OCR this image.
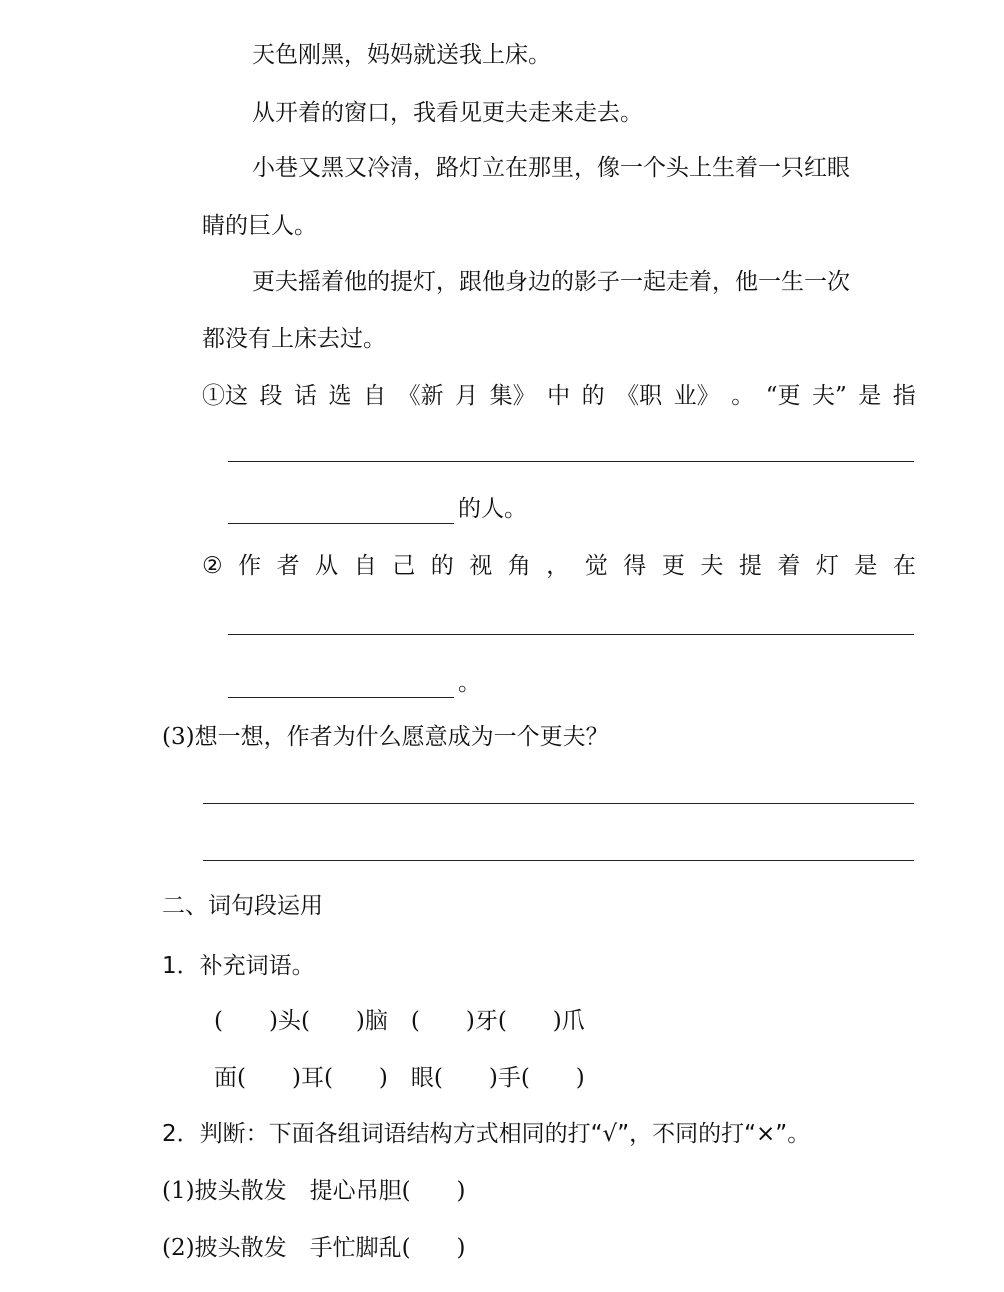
天色刚黑，妈妈就送我上床。
从开着的窗口，我看见更夫走来走去。
小巷又黑又冷清，路灯立在那里，像一个头上生着一只红眼
睛的巨人。
更夫摇着他的提灯，跟他身边的影子一起走着，他一生一次
都没有上床去过。
①这 段 话 选 自 《新 月 集》 中 的 《职 业》 。 “更 夫” 是 指
的人。
② 作 者 从 自 己 的 视 角 ， 觉 得 更 夫 提 着 灯 是 在
。
(3)想一想，作者为什么愿意成为一个更夫？
二、词句段运用
1．补充词语。
(　　)头(　　)脑　(　　)牙(　　)爪
面(　　)耳(　　)　眼(　　)手(　　)
2．判断：下面各组词语结构方式相同的打“√”，不同的打“×”。
(1)披头散发　提心吊胆(　　)
(2)披头散发　手忙脚乱(　　)
